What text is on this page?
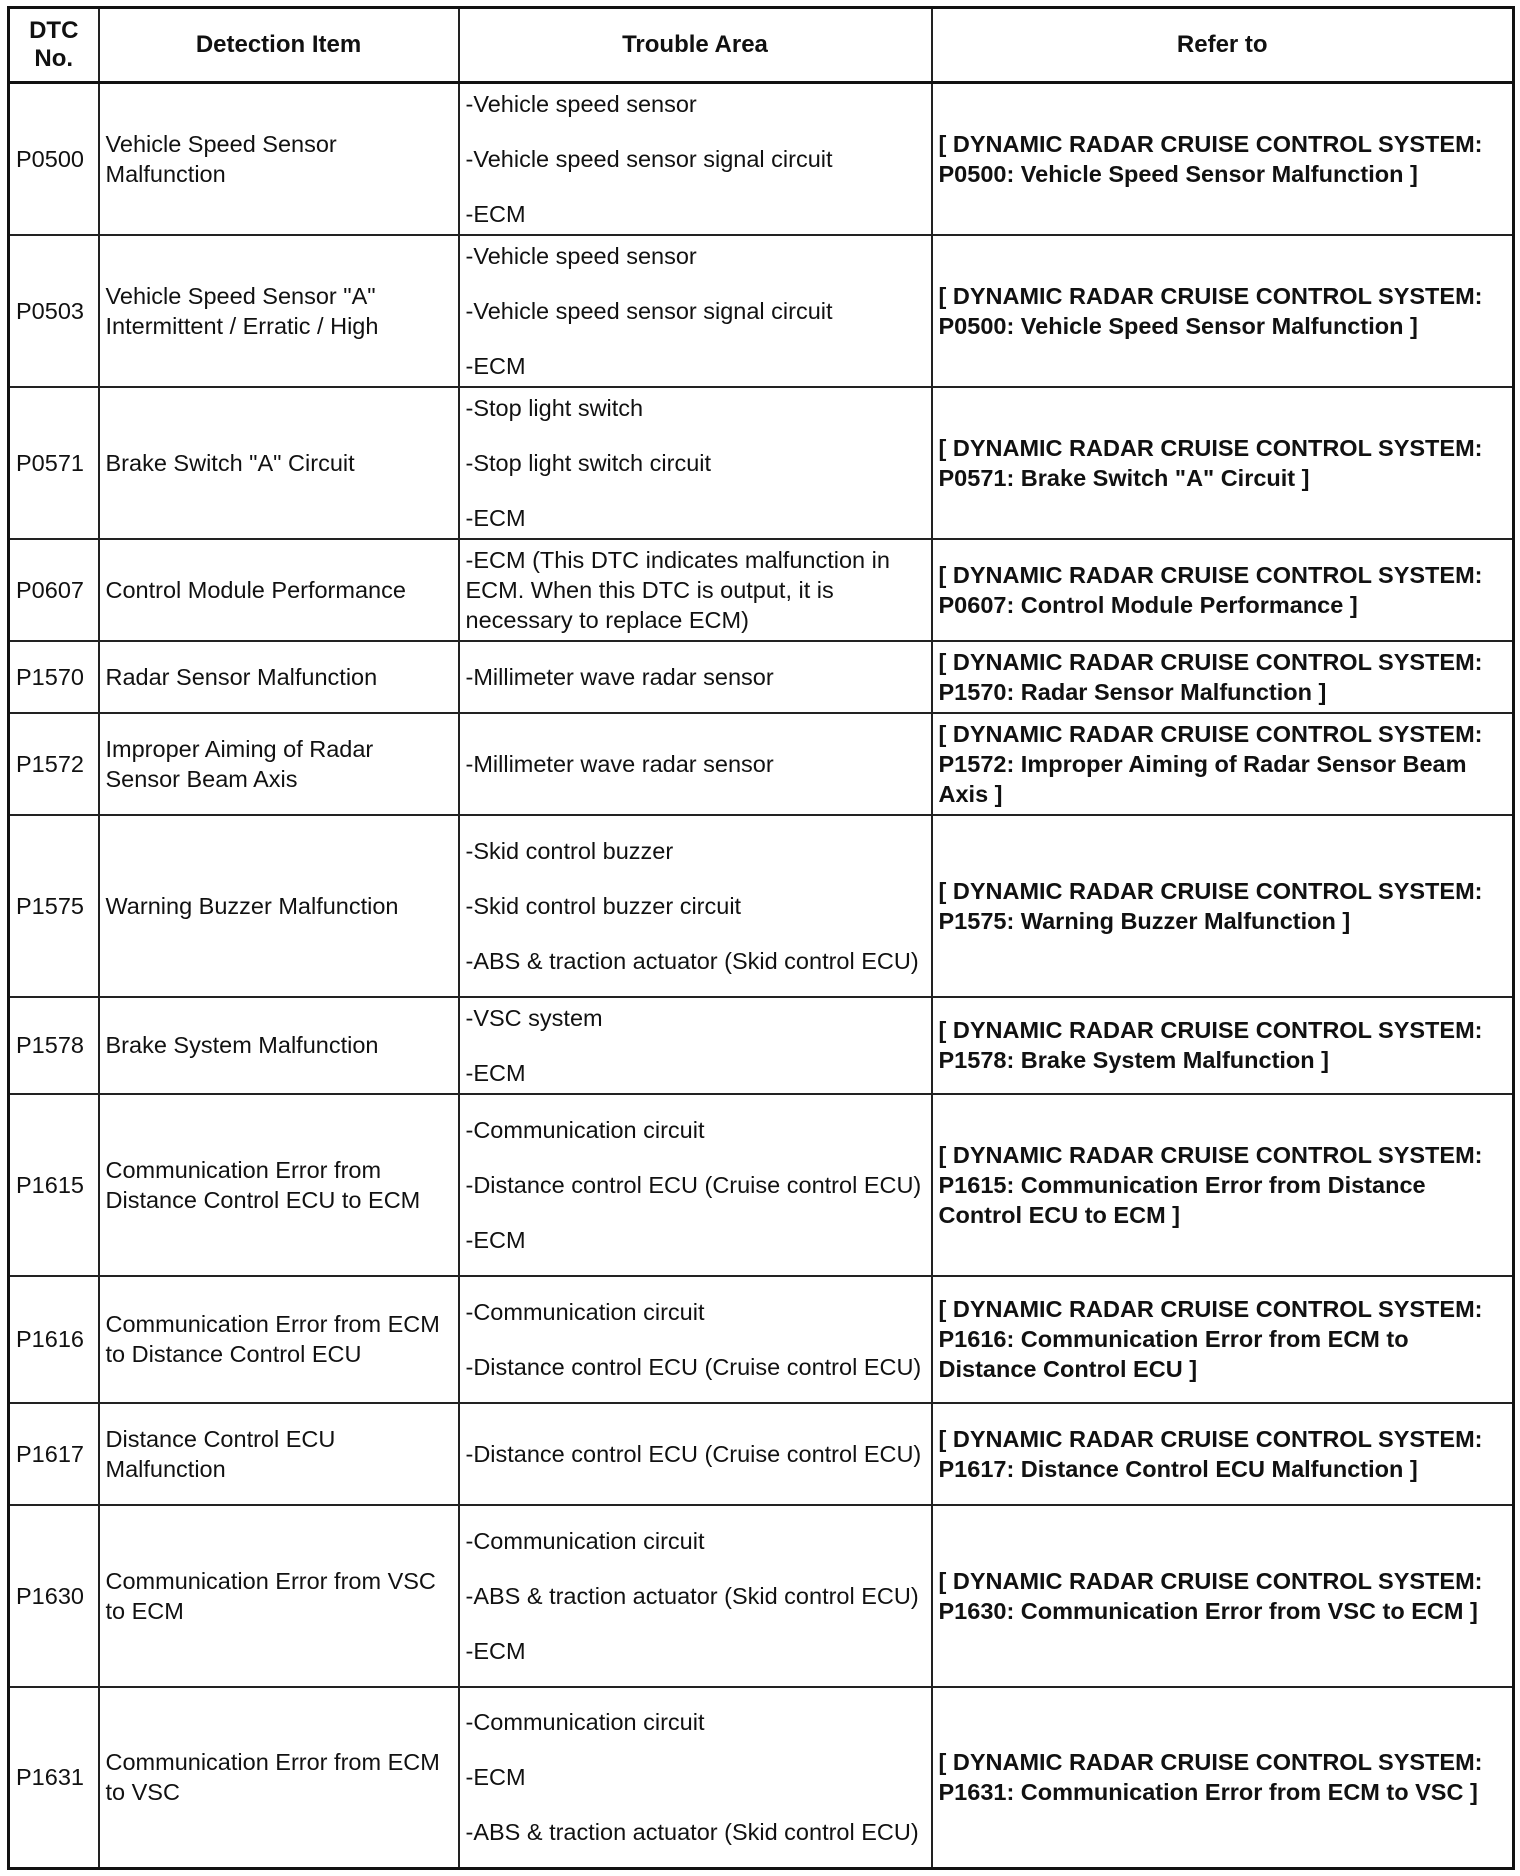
DTC
No.	Detection Item	Trouble Area	Refer to
P0500	Vehicle Speed Sensor Malfunction	-Vehicle speed sensor
-Vehicle speed sensor signal circuit
-ECM	[ DYNAMIC RADAR CRUISE CONTROL SYSTEM: P0500: Vehicle Speed Sensor Malfunction ]
P0503	Vehicle Speed Sensor "A" Intermittent / Erratic / High	-Vehicle speed sensor
-Vehicle speed sensor signal circuit
-ECM	[ DYNAMIC RADAR CRUISE CONTROL SYSTEM: P0500: Vehicle Speed Sensor Malfunction ]
P0571	Brake Switch "A" Circuit	-Stop light switch
-Stop light switch circuit
-ECM	[ DYNAMIC RADAR CRUISE CONTROL SYSTEM: P0571: Brake Switch "A" Circuit ]
P0607	Control Module Performance	-ECM (This DTC indicates malfunction in ECM. When this DTC is output, it is necessary to replace ECM)	[ DYNAMIC RADAR CRUISE CONTROL SYSTEM: P0607: Control Module Performance ]
P1570	Radar Sensor Malfunction	-Millimeter wave radar sensor	[ DYNAMIC RADAR CRUISE CONTROL SYSTEM: P1570: Radar Sensor Malfunction ]
P1572	Improper Aiming of Radar Sensor Beam Axis	-Millimeter wave radar sensor	[ DYNAMIC RADAR CRUISE CONTROL SYSTEM: P1572: Improper Aiming of Radar Sensor Beam Axis ]
P1575	Warning Buzzer Malfunction	-Skid control buzzer
-Skid control buzzer circuit
-ABS & traction actuator (Skid control ECU)	[ DYNAMIC RADAR CRUISE CONTROL SYSTEM: P1575: Warning Buzzer Malfunction ]
P1578	Brake System Malfunction	-VSC system
-ECM	[ DYNAMIC RADAR CRUISE CONTROL SYSTEM: P1578: Brake System Malfunction ]
P1615	Communication Error from Distance Control ECU to ECM	-Communication circuit
-Distance control ECU (Cruise control ECU)
-ECM	[ DYNAMIC RADAR CRUISE CONTROL SYSTEM: P1615: Communication Error from Distance Control ECU to ECM ]
P1616	Communication Error from ECM to Distance Control ECU	-Communication circuit
-Distance control ECU (Cruise control ECU)	[ DYNAMIC RADAR CRUISE CONTROL SYSTEM: P1616: Communication Error from ECM to Distance Control ECU ]
P1617	Distance Control ECU Malfunction	-Distance control ECU (Cruise control ECU)	[ DYNAMIC RADAR CRUISE CONTROL SYSTEM: P1617: Distance Control ECU Malfunction ]
P1630	Communication Error from VSC to ECM	-Communication circuit
-ABS & traction actuator (Skid control ECU)
-ECM	[ DYNAMIC RADAR CRUISE CONTROL SYSTEM: P1630: Communication Error from VSC to ECM ]
P1631	Communication Error from ECM to VSC	-Communication circuit
-ECM
-ABS & traction actuator (Skid control ECU)	[ DYNAMIC RADAR CRUISE CONTROL SYSTEM: P1631: Communication Error from ECM to VSC ]
